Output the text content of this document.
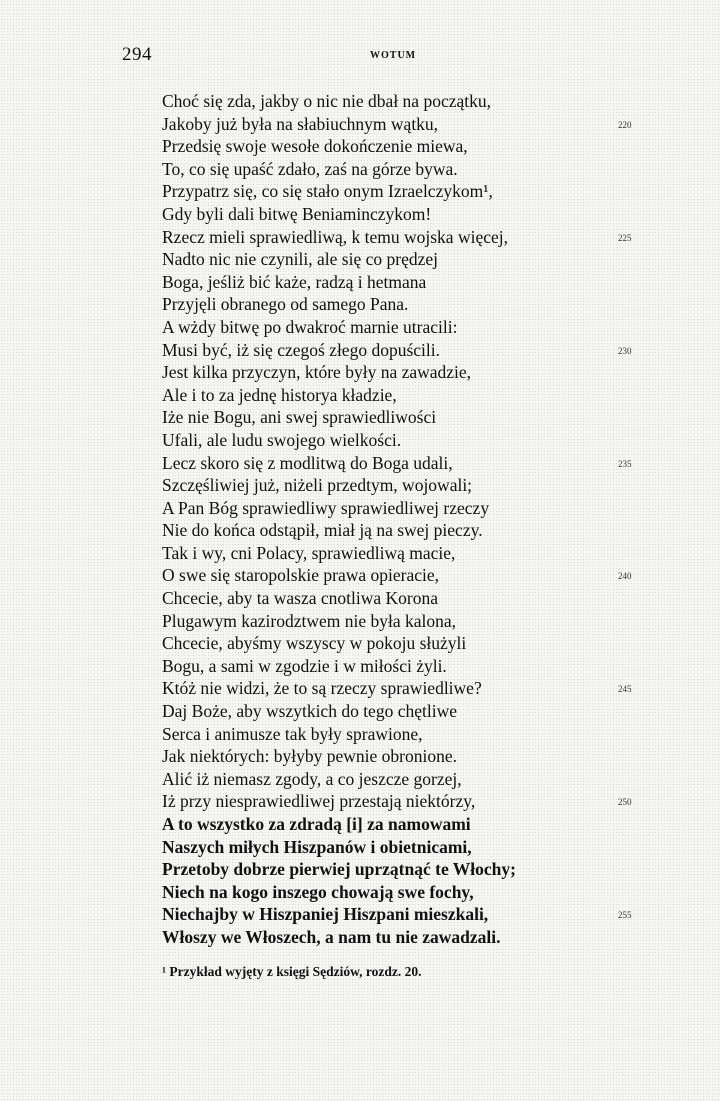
294	WOTUM
Choć się zda, jakby o nic nie dbał na początku,
Jakoby już była na słabiuchnym wątku,	220
Przedsię swoje wesołe dokończenie miewa,
To, co się upaść zdało, zaś na górze bywa.
Przypatrz się, co się stało onym Izraelczykom¹,
Gdy byli dali bitwę Beniaminczykom!
Rzecz mieli sprawiedliwą, k temu wojska więcej,	225
Nadto nic nie czynili, ale się co prędzej
Boga, jeśliż bić każe, radzą i hetmana
Przyjęli obranego od samego Pana.
A wżdy bitwę po dwakroć marnie utracili:
Musi być, iż się czegoś złego dopuścili.	230
Jest kilka przyczyn, które były na zawadzie,
Ale i to za jednę historya kładzie,
Iże nie Bogu, ani swej sprawiedliwości
Ufali, ale ludu swojego wielkości.
Lecz skoro się z modlitwą do Boga udali,	235
Szczęśliwiej już, niżeli przedtym, wojowali;
A Pan Bóg sprawiedliwy sprawiedliwej rzeczy
Nie do końca odstąpił, miał ją na swej pieczy.
Tak i wy, cni Polacy, sprawiedliwą macie,
O swe się staropolskie prawa opieracie,	240
Chcecie, aby ta wasza cnotliwa Korona
Plugawym kazirodztwem nie była kalona,
Chcecie, abyśmy wszyscy w pokoju służyli
Bogu, a sami w zgodzie i w miłości żyli.
Któż nie widzi, że to są rzeczy sprawiedliwe?	245
Daj Boże, aby wszytkich do tego chętliwe
Serca i animusze tak były sprawione,
Jak niektórych: byłyby pewnie obronione.
Alić iż niemasz zgody, a co jeszcze gorzej,
Iż przy niesprawiedliwej przestają niektórzy,	250
A to wszystko za zdradą [i] za namowami
Naszych miłych Hiszpanów i obietnicami,
Przetoby dobrze pierwiej uprzątnąć te Włochy;
Niech na kogo inszego chowają swe fochy,
Niechajby w Hiszpaniej Hiszpani mieszkali,	255
Włoszy we Włoszech, a nam tu nie zawadzali.
¹ Przykład wyjęty z księgi Sędziów, rozdz. 20.
